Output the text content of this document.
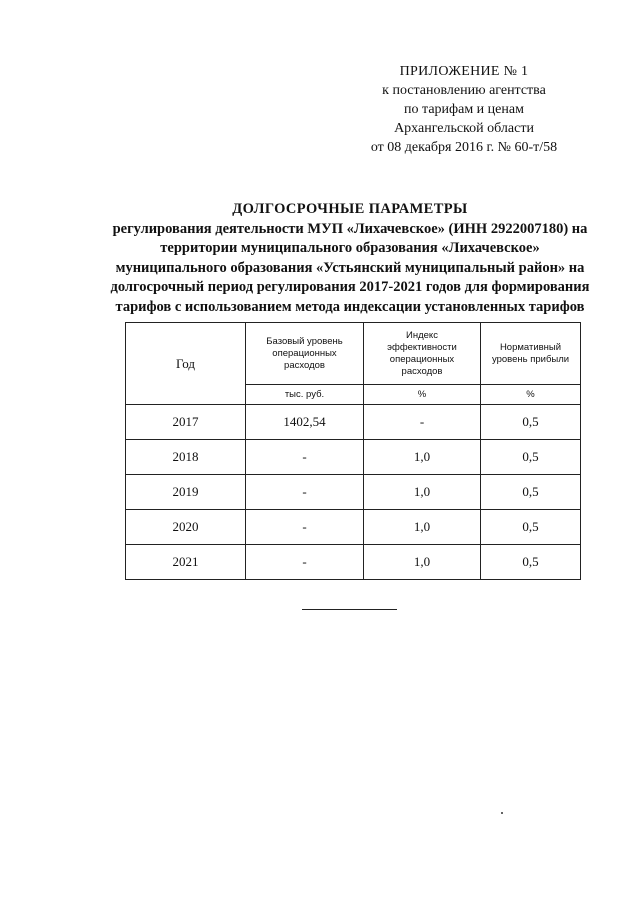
ПРИЛОЖЕНИЕ № 1
к постановлению агентства
по тарифам и ценам
Архангельской области
от 08 декабря 2016 г. № 60-т/58
ДОЛГОСРОЧНЫЕ ПАРАМЕТРЫ
регулирования деятельности МУП «Лихачевское» (ИНН 2922007180) на
территории муниципального образования «Лихачевское»
муниципального образования «Устьянский муниципальный район» на
долгосрочный период регулирования 2017-2021 годов для формирования
тарифов с использованием метода индексации установленных тарифов
Год	Базовый уровень операционных расходов	Индекс эффективности операционных расходов	Нормативный уровень прибыли
	тыс. руб.	%	%
2017	1402,54	-	0,5
2018	-	1,0	0,5
2019	-	1,0	0,5
2020	-	1,0	0,5
2021	-	1,0	0,5
